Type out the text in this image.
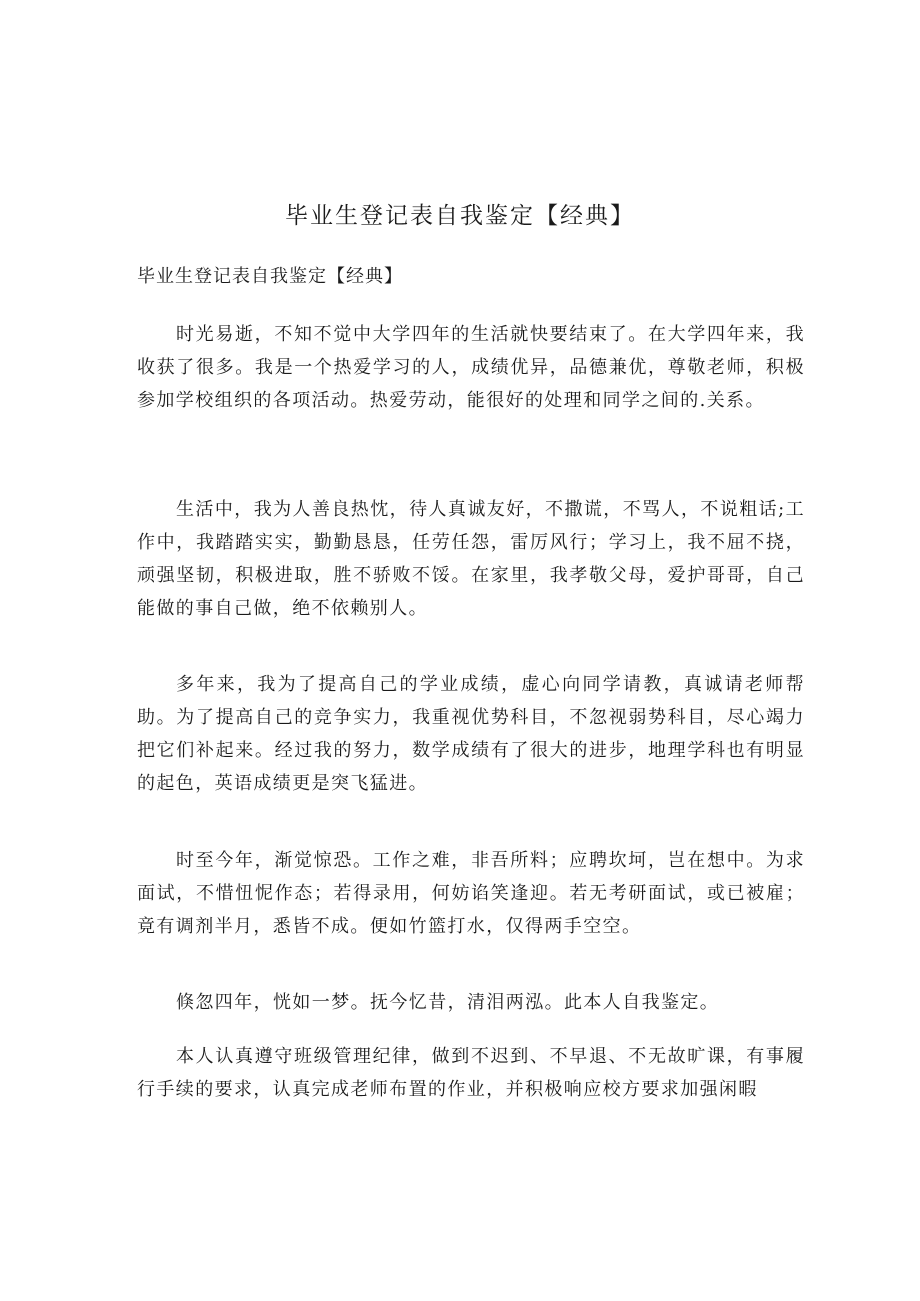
毕业生登记表自我鉴定【经典】

毕业生登记表自我鉴定【经典】

时光易逝，不知不觉中大学四年的生活就快要结束了。在大学四年来，我收获了很多。我是一个热爱学习的人，成绩优异，品德兼优，尊敬老师，积极参加学校组织的各项活动。热爱劳动，能很好的处理和同学之间的.关系。

生活中，我为人善良热忱，待人真诚友好，不撒谎，不骂人，不说粗话;工作中，我踏踏实实，勤勤恳恳，任劳任怨，雷厉风行；学习上，我不屈不挠，顽强坚韧，积极进取，胜不骄败不馁。在家里，我孝敬父母，爱护哥哥，自己能做的事自己做，绝不依赖别人。

多年来，我为了提高自己的学业成绩，虚心向同学请教，真诚请老师帮助。为了提高自己的竞争实力，我重视优势科目，不忽视弱势科目，尽心竭力把它们补起来。经过我的努力，数学成绩有了很大的进步，地理学科也有明显的起色，英语成绩更是突飞猛进。

时至今年，渐觉惊恐。工作之难，非吾所料；应聘坎坷，岂在想中。为求面试，不惜忸怩作态；若得录用，何妨谄笑逢迎。若无考研面试，或已被雇；竟有调剂半月，悉皆不成。便如竹篮打水，仅得两手空空。

倏忽四年，恍如一梦。抚今忆昔，清泪两泓。此本人自我鉴定。

本人认真遵守班级管理纪律，做到不迟到、不早退、不无故旷课，有事履行手续的要求，认真完成老师布置的作业，并积极响应校方要求加强闲暇
